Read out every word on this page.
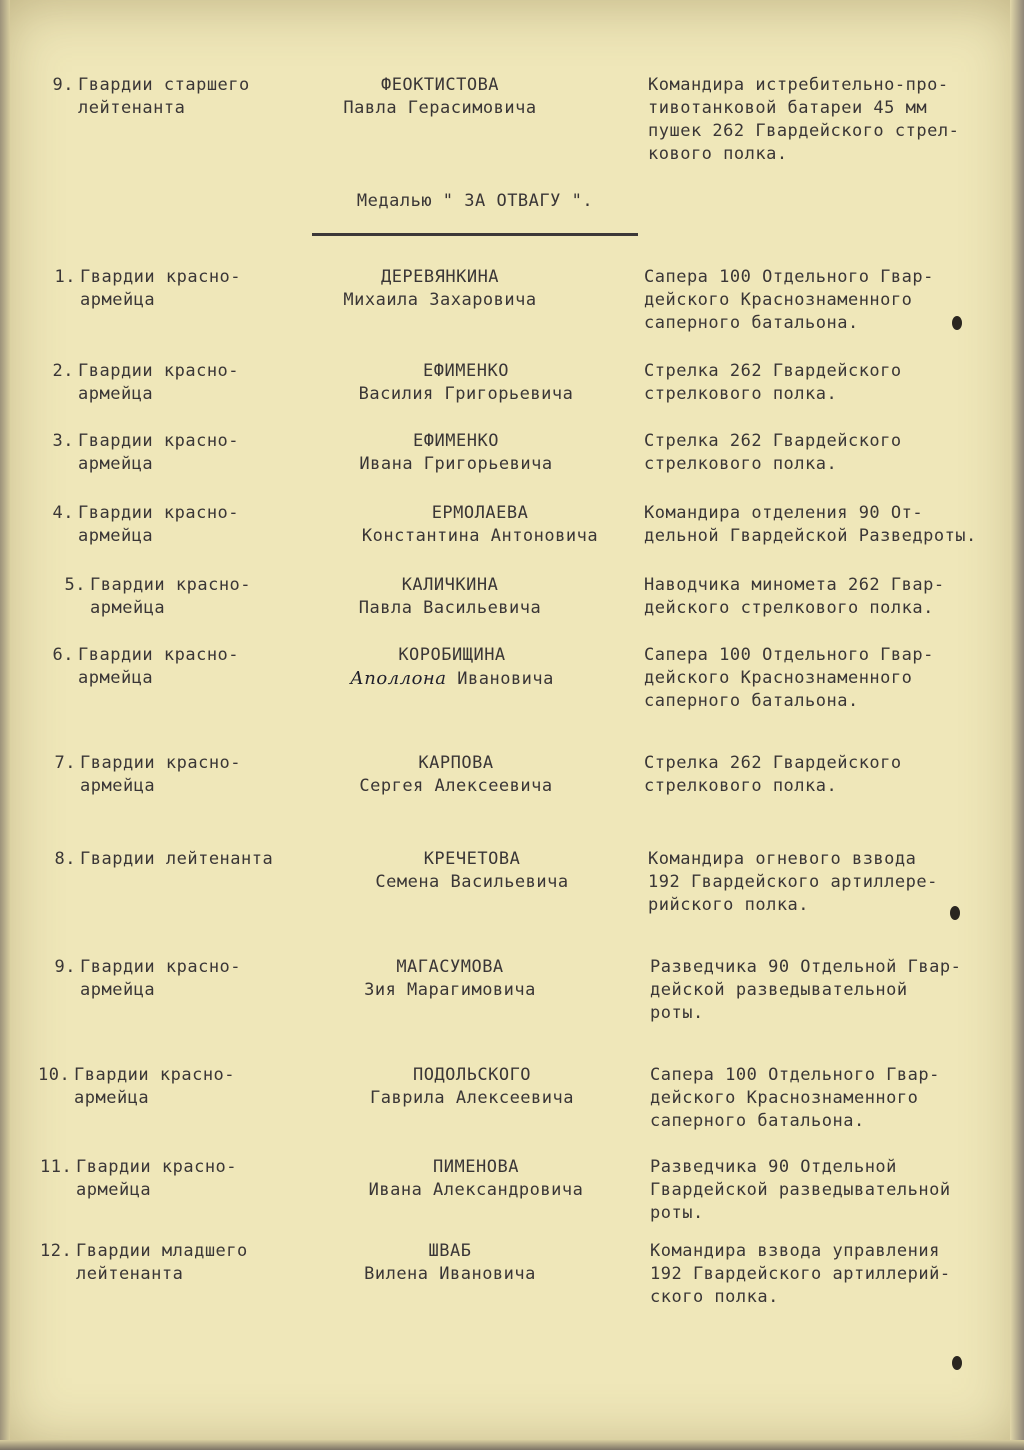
9. Гвардии старшего
лейтенанта
ФЕОКТИСТОВА
Павла Герасимовича
Командира истребительно-про-
тивотанковой батареи 45 мм
пушек 262 Гвардейского стрел-
кового полка.
Медалью " ЗА ОТВАГУ ".
1. Гвардии красно-
армейца
ДЕРЕВЯНКИНА
Михаила Захаровича
Сапера 100 Отдельного Гвар-
дейского Краснознаменного
саперного батальона.
2. Гвардии красно-
армейца
ЕФИМЕНКО
Василия Григорьевича
Стрелка 262 Гвардейского
стрелкового полка.
3. Гвардии красно-
армейца
ЕФИМЕНКО
Ивана Григорьевича
Стрелка 262 Гвардейского
стрелкового полка.
4. Гвардии красно-
армейца
ЕРМОЛАЕВА
Константина Антоновича
Командира отделения 90 От-
дельной Гвардейской Разведроты.
5. Гвардии красно-
армейца
КАЛИЧКИНА
Павла Васильевича
Наводчика миномета 262 Гвар-
дейского стрелкового полка.
6. Гвардии красно-
армейца
КОРОБИЩИНА
Аполлона Ивановича
Сапера 100 Отдельного Гвар-
дейского Краснознаменного
саперного батальона.
7. Гвардии красно-
армейца
КАРПОВА
Сергея Алексеевича
Стрелка 262 Гвардейского
стрелкового полка.
8. Гвардии лейтенанта	КРЕЧЕТОВА
Семена Васильевича
Командира огневого взвода
192 Гвардейского артиллере-
рийского полка.
9. Гвардии красно-
армейца
МАГАСУМОВА
Зия Марагимовича
Разведчика 90 Отдельной Гвар-
дейской разведывательной
роты.
10. Гвардии красно-
армейца
ПОДОЛЬСКОГО
Гаврила Алексеевича
Сапера 100 Отдельного Гвар-
дейского Краснознаменного
саперного батальона.
11. Гвардии красно-
армейца
ПИМЕНОВА
Ивана Александровича
Разведчика 90 Отдельной
Гвардейской разведывательной
роты.
12. Гвардии младшего
лейтенанта
ШВАБ
Вилена Ивановича
Командира взвода управления
192 Гвардейского артиллерий-
ского полка.
